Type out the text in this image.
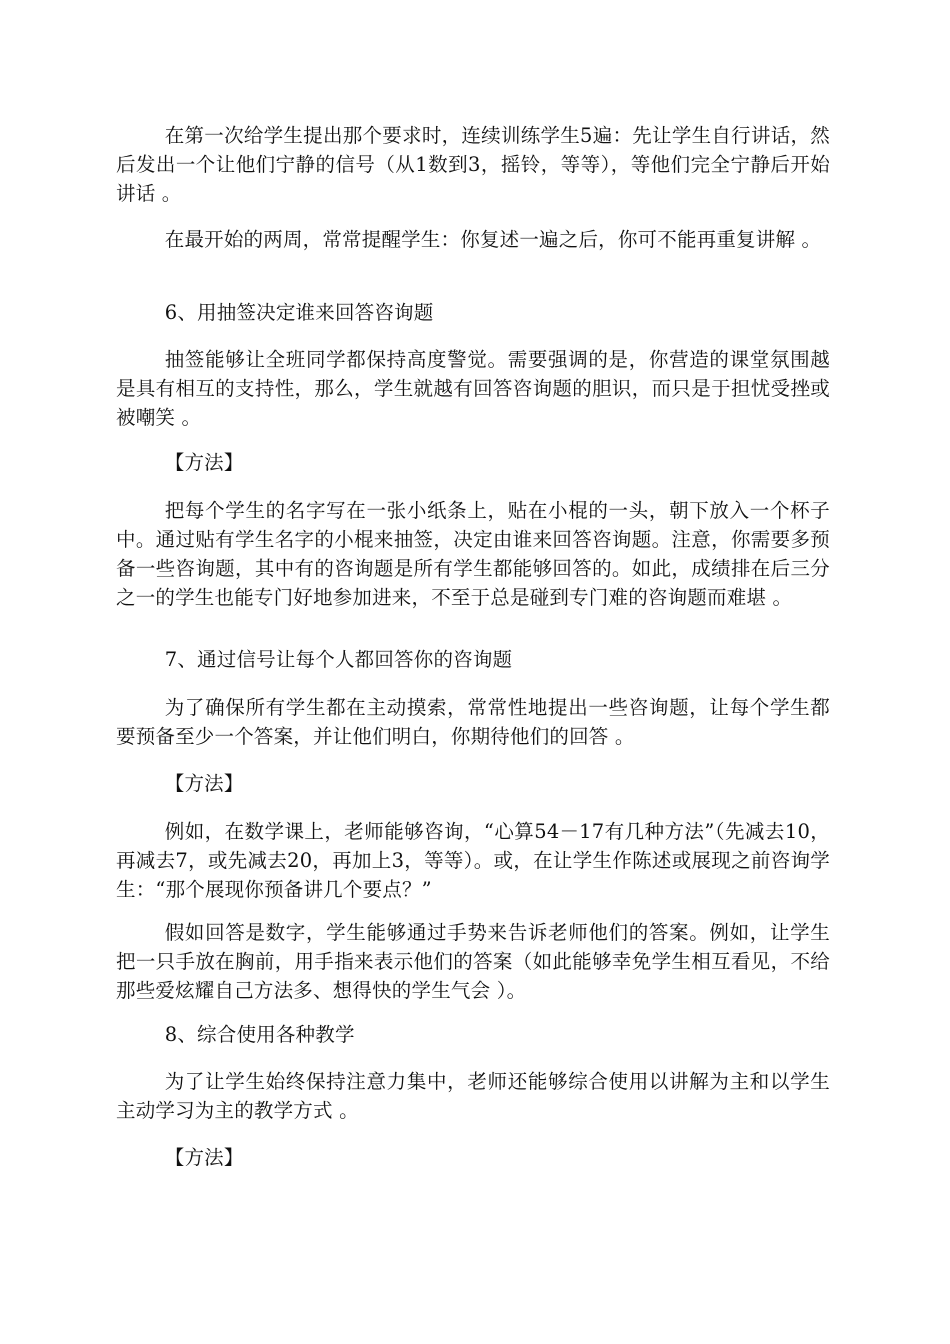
在第一次给学生提出那个要求时，连续训练学生5遍：先让学生自行讲话，然后发出一个让他们宁静的信号（从1数到3，摇铃，等等），等他们完全宁静后开始讲话 。

在最开始的两周，常常提醒学生：你复述一遍之后，你可不能再重复讲解 。

6、用抽签决定谁来回答咨询题

抽签能够让全班同学都保持高度警觉。需要强调的是，你营造的课堂氛围越是具有相互的支持性，那么，学生就越有回答咨询题的胆识，而只是于担忧受挫或被嘲笑 。

【方法】

把每个学生的名字写在一张小纸条上，贴在小棍的一头，朝下放入一个杯子中。通过贴有学生名字的小棍来抽签，决定由谁来回答咨询题。注意，你需要多预备一些咨询题，其中有的咨询题是所有学生都能够回答的。如此，成绩排在后三分之一的学生也能专门好地参加进来，不至于总是碰到专门难的咨询题而难堪 。

7、通过信号让每个人都回答你的咨询题

为了确保所有学生都在主动摸索，常常性地提出一些咨询题，让每个学生都要预备至少一个答案，并让他们明白，你期待他们的回答 。

【方法】

例如，在数学课上，老师能够咨询，“心算54－17有几种方法”（先减去10，再减去7，或先减去20，再加上3，等等）。或，在让学生作陈述或展现之前咨询学生：“那个展现你预备讲几个要点？”

假如回答是数字，学生能够通过手势来告诉老师他们的答案。例如，让学生把一只手放在胸前，用手指来表示他们的答案（如此能够幸免学生相互看见，不给那些爱炫耀自己方法多、想得快的学生气会 ）。

8、综合使用各种教学

为了让学生始终保持注意力集中，老师还能够综合使用以讲解为主和以学生主动学习为主的教学方式 。

【方法】
